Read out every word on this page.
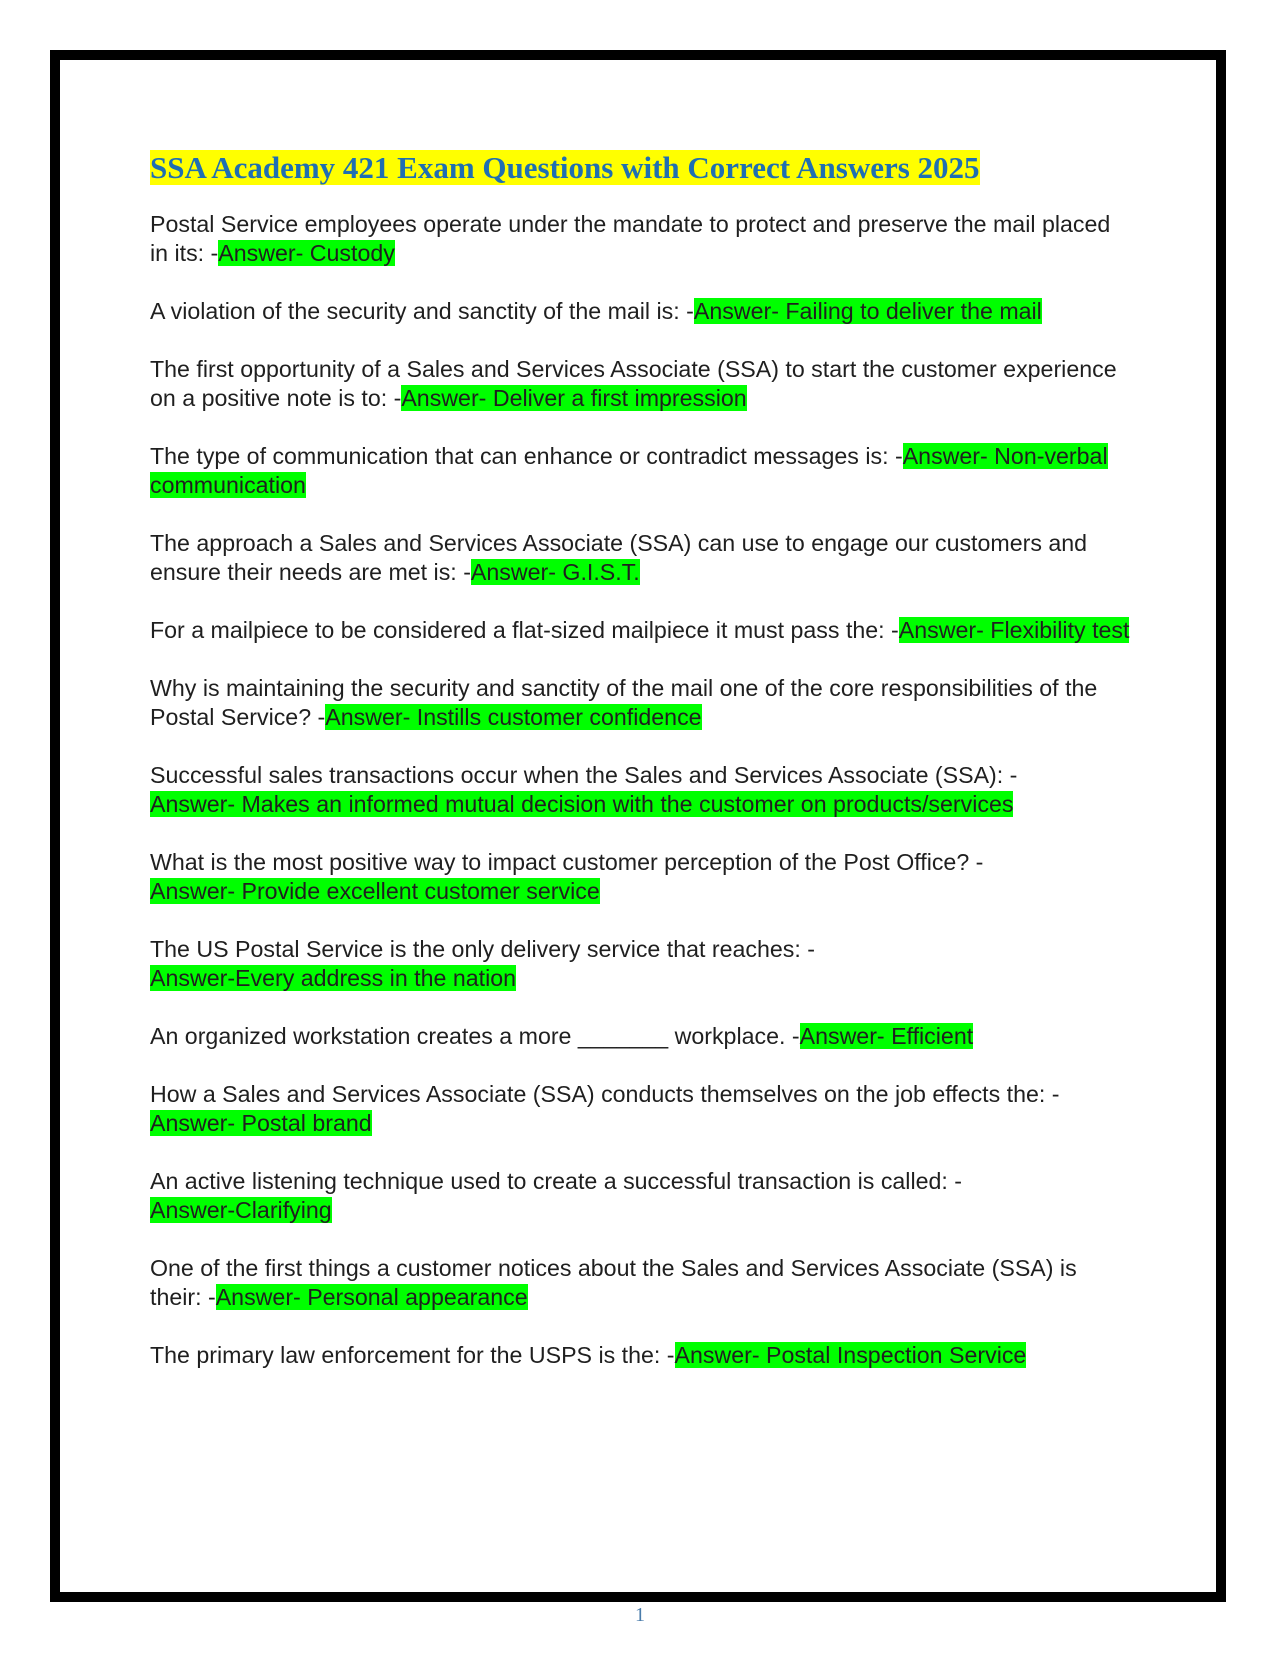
SSA Academy 421 Exam Questions with Correct Answers 2025

Postal Service employees operate under the mandate to protect and preserve the mail placed in its: -Answer- Custody

A violation of the security and sanctity of the mail is: -Answer- Failing to deliver the mail

The first opportunity of a Sales and Services Associate (SSA) to start the customer experience on a positive note is to: -Answer- Deliver a first impression

The type of communication that can enhance or contradict messages is: -Answer- Non-verbal communication

The approach a Sales and Services Associate (SSA) can use to engage our customers and ensure their needs are met is: -Answer- G.I.S.T.

For a mailpiece to be considered a flat-sized mailpiece it must pass the: -Answer- Flexibility test

Why is maintaining the security and sanctity of the mail one of the core responsibilities of the Postal Service? -Answer- Instills customer confidence

Successful sales transactions occur when the Sales and Services Associate (SSA): -
Answer- Makes an informed mutual decision with the customer on products/services

What is the most positive way to impact customer perception of the Post Office? -
Answer- Provide excellent customer service

The US Postal Service is the only delivery service that reaches: -
Answer-Every address in the nation

An organized workstation creates a more _______ workplace. -Answer- Efficient

How a Sales and Services Associate (SSA) conducts themselves on the job effects the: -Answer- Postal brand

An active listening technique used to create a successful transaction is called: -
Answer-Clarifying

One of the first things a customer notices about the Sales and Services Associate (SSA) is their: -Answer- Personal appearance

The primary law enforcement for the USPS is the: -Answer- Postal Inspection Service

1
